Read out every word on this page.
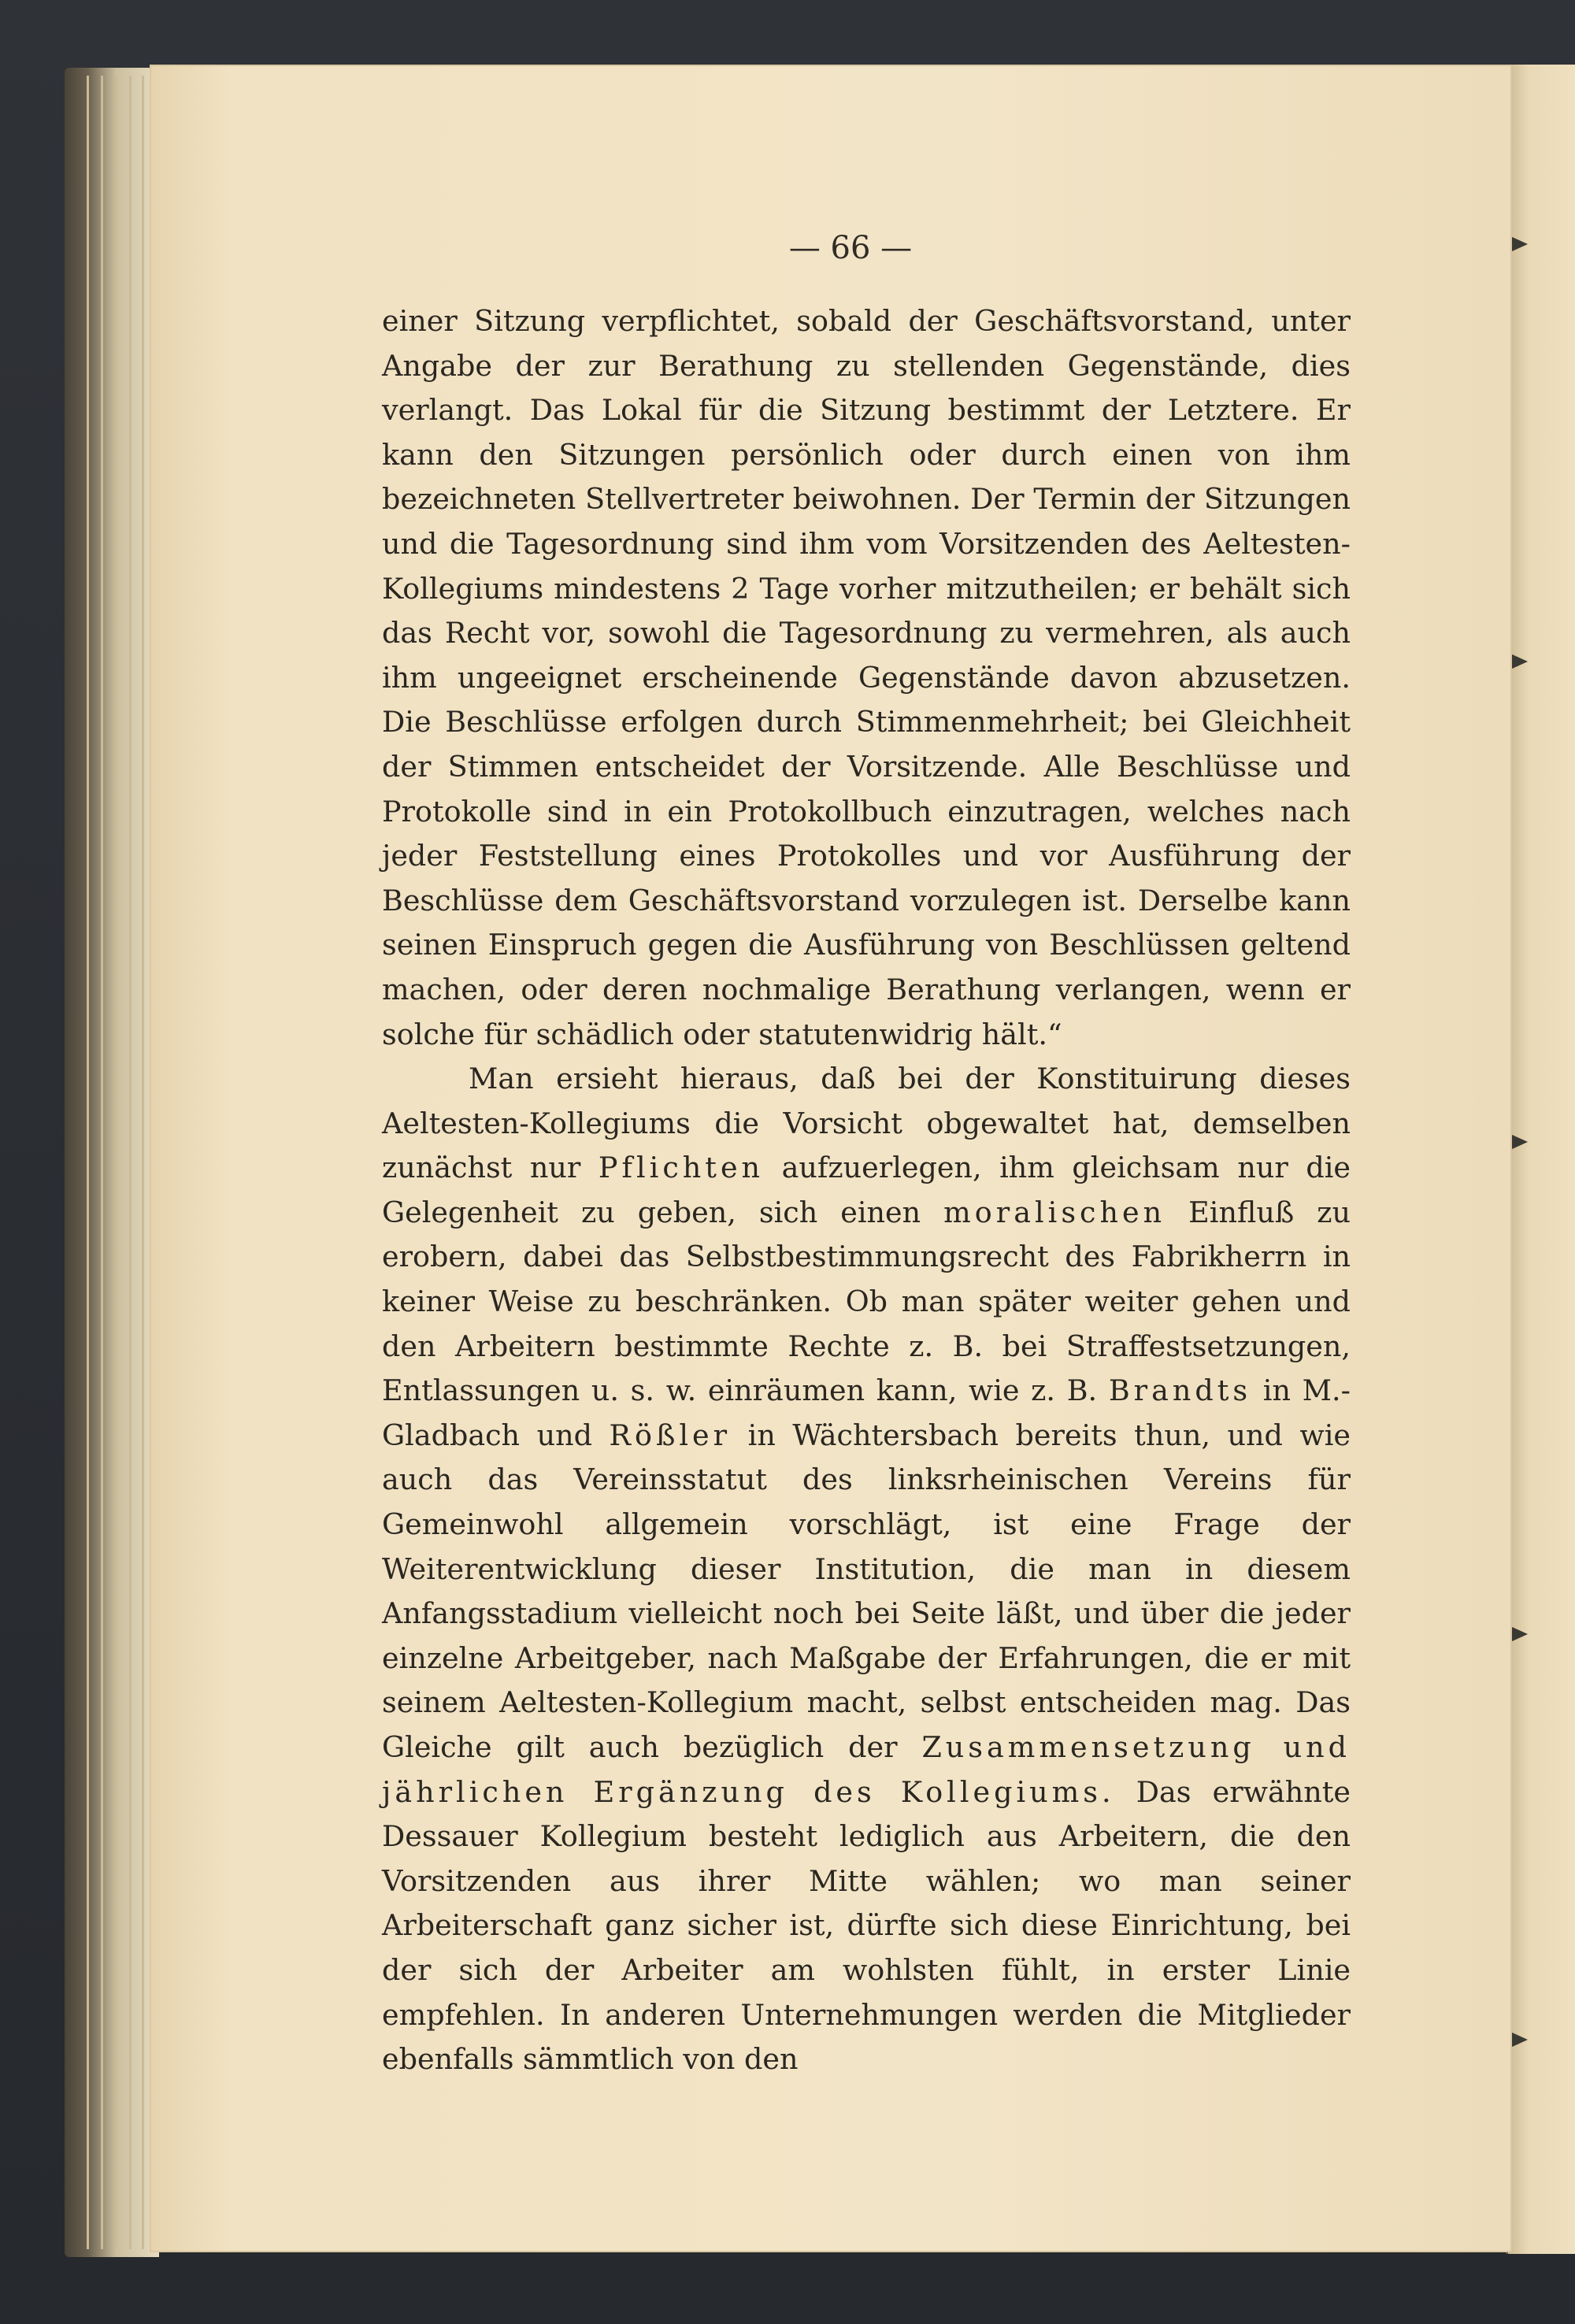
— 66 —

einer Sitzung verpflichtet, sobald der Geschäftsvorstand, unter Angabe der zur Berathung zu stellenden Gegenstände, dies verlangt. Das Lokal für die Sitzung bestimmt der Letztere. Er kann den Sitzungen persönlich oder durch einen von ihm bezeichneten Stellvertreter beiwohnen. Der Termin der Sitzungen und die Tagesordnung sind ihm vom Vorsitzenden des Aeltesten-Kollegiums mindestens 2 Tage vorher mitzutheilen; er behält sich das Recht vor, sowohl die Tagesordnung zu vermehren, als auch ihm ungeeignet erscheinende Gegenstände davon abzusetzen. Die Beschlüsse erfolgen durch Stimmenmehrheit; bei Gleichheit der Stimmen entscheidet der Vorsitzende. Alle Beschlüsse und Protokolle sind in ein Protokollbuch einzutragen, welches nach jeder Feststellung eines Protokolles und vor Ausführung der Beschlüsse dem Geschäftsvorstand vorzulegen ist. Derselbe kann seinen Einspruch gegen die Ausführung von Beschlüssen geltend machen, oder deren nochmalige Berathung verlangen, wenn er solche für schädlich oder statutenwidrig hält.“

Man ersieht hieraus, daß bei der Konstituirung dieses Aeltesten-Kollegiums die Vorsicht obgewaltet hat, demselben zunächst nur Pflichten aufzuerlegen, ihm gleichsam nur die Gelegenheit zu geben, sich einen moralischen Einfluß zu erobern, dabei das Selbstbestimmungsrecht des Fabrikherrn in keiner Weise zu beschränken. Ob man später weiter gehen und den Arbeitern bestimmte Rechte z. B. bei Straffestsetzungen, Entlassungen u. s. w. einräumen kann, wie z. B. Brandts in M.-Gladbach und Rößler in Wächtersbach bereits thun, und wie auch das Vereinsstatut des linksrheinischen Vereins für Gemeinwohl allgemein vorschlägt, ist eine Frage der Weiterentwicklung dieser Institution, die man in diesem Anfangsstadium vielleicht noch bei Seite läßt, und über die jeder einzelne Arbeitgeber, nach Maßgabe der Erfahrungen, die er mit seinem Aeltesten-Kollegium macht, selbst entscheiden mag. Das Gleiche gilt auch bezüglich der Zusammensetzung und jährlichen Ergänzung des Kollegiums. Das erwähnte Dessauer Kollegium besteht lediglich aus Arbeitern, die den Vorsitzenden aus ihrer Mitte wählen; wo man seiner Arbeiterschaft ganz sicher ist, dürfte sich diese Einrichtung, bei der sich der Arbeiter am wohlsten fühlt, in erster Linie empfehlen. In anderen Unternehmungen werden die Mitglieder ebenfalls sämmtlich von den
